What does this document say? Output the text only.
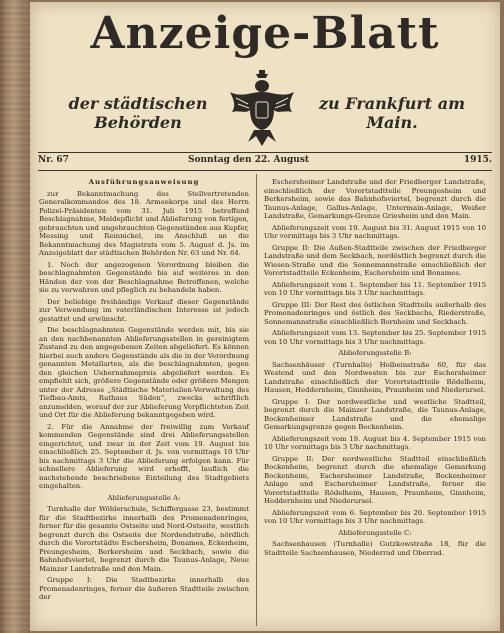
Anzeige-Blatt
der städtischen Behörden
zu Frankfurt am Main.
Nr. 67	Sonntag den 22. August	1915.

Ausführungsanweisung

zur Bekanntmachung des Stellvertretenden Generalkommandos des 18. Armeekorps und des Herrn Polizei-Präsidenten vom 31. Juli 1915 betreffend Beschlagnahme, Meldepflicht und Ablieferung von fertigen, gebrauchten und ungebrauchten Gegenständen aus Kupfer, Messing und Reinnickel, im Anschluß an die Bekanntmachung des Magistrats vom 5. August d. Js. im Anzeigeblatt der städtischen Behörden Nr. 63 und Nr. 64.

1. Noch der angezogenen Verordnung bleiben die beschlagnahmten Gegenstände bis auf weiteres in den Händen der von der Beschlagnahme Betroffenen, welche sie zu verwahren und pfleglich zu behandeln haben.

Der beliebige freihändige Verkauf dieser Gegenstände zur Verwendung im vaterländischen Interesse ist jedoch gestattet und erwünscht.

Die beschlagnahmten Gegenstände werden mit, bis sie an den nachbenannten Ablieferungsstellen in gereinigtem Zustand zu den angegebenen Zeiten abgeliefert. Es können hierbei auch andere Gegenstände als die in der Verordnung genannten Metallarten, als die beschlagnahmten, gegen den gleichen Uebernahmepreis abgeliefert werden. Es empfiehlt sich, größere Gegenstände oder größere Mengen unter der Adresse „Städtische Materialien-Verwaltung des Tiefbau-Amts, Rathaus Süden“, zwecks schriftlich anzumelden, worauf der zur Ablieferung Verpflichteten Zeit und Ort für die Ablieferung bekanntgegeben wird.

2. Für die Annahme der freiwillig zum Verkauf kommenden Gegenstände sind drei Ablieferungsstellen eingerichtet, und zwar in der Zeit vom 19. August bis einschließlich 25. September d. Js. von vormittags 10 Uhr bis nachmittags 3 Uhr die Ablieferung erfolgen kann. Für schnellere Ablieferung wird erhofft, lauflich die nachstehende beschriebene Einteilung des Stadtgebiets eingehalten.

Ablieferungsstelle A:

Turnhalle der Wöhlerschule, Schiffergasse 23, bestimmt für die Stadtbezirke innerhalb des Promenadenringes, ferner für die gesamte Ostseite und Nord-Ostseite, westlich begrenzt durch die Ostseite der Nordendstraße, nördlich durch die Vorortstädte Eschersheim, Bonames, Eckenheim, Preungesheim, Berkersheim und Seckbach, sowie die Bahnhofsviertel, begrenzt durch die Taunus-Anlage, Neue Mainzer Landstraße und den Main.

Gruppe I: Die Stadtbezirke innerhalb des Promenadenringes, ferner die äußeren Stadtteile zwischen der

Eschersheimer Landstraße und der Friedberger Landstraße, einschließlich der Vorortstadtteile Preungesheim und Berkersheim, sowie das Bahnhofsviertel, begrenzt durch die Taunus-Anlage, Gallus-Anlage, Untermain-Anlage, Weißer Landstraße, Gemarkungs-Grenze Griesheim und den Main.

Ablieferungszeit vom 19. August bis 31. August 1915 von 10 Uhr vormittags bis 3 Uhr nachmittags.

Gruppe II: Die Außen-Stadtteile zwischen der Friedberger Landstraße und dem Seckbach, nordöstlich begrenzt durch die Wiesen-Straße und die Sonnemannstraße einschließlich der Vorortstadtteile Eckenheim, Eschersheim und Bonames.

Ablieferungszeit vom 1. September bis 11. September 1915 von 10 Uhr vormittags bis 3 Uhr nachmittags.

Gruppe III: Der Rest des östlichen Stadtteils außerhalb des Promenadenringes und östlich des Seckbachs, Riederstraße, Sonnemannstraße einschließlich Bornheim und Seckbach.

Ablieferungszeit vom 13. September bis 25. September 1915 von 10 Uhr vormittags bis 3 Uhr nachmittags.

Ablieferungsstelle B:

Sachsenhäuser (Turnhalle) Holbeinstraße 60, für das Westend und den Nordwesten bis zur Eschersheimer Landstraße einschließlich der Vorortstadtteile Rödelheim, Hausen, Heddernheim, Ginnheim, Praunheim und Niederursel.

Gruppe I: Der nordwestliche und westliche Stadtteil, begrenzt durch die Mainzer Landstraße, die Taunus-Anlage, Bockenheimer Landstraße und die ehemalige Gemarkungsgrenze gegen Bockenheim.

Ablieferungszeit vom 19. August bis 4. September 1915 von 10 Uhr vormittags bis 3 Uhr nachmittags.

Gruppe II: Der nordwestliche Stadtteil einschließlich Bockenheim, begrenzt durch die ehemalige Gemarkung Bockenheim, Eschersheimer Landstraße, Bockenheimer Anlage und Eschersheimer Landstraße, ferner die Vorortstadtteile Rödelheim, Hausen, Praunheim, Ginnheim, Heddernheim und Niederursel.

Ablieferungszeit vom 6. September bis 20. September 1915 von 10 Uhr vormittags bis 3 Uhr nachmittags.

Ablieferungsstelle C:

Sachsenhausen (Turnhalle) Gutzkowstraße 18, für die Stadtteile Sachsenhausen, Niederrad und Oberrad.
